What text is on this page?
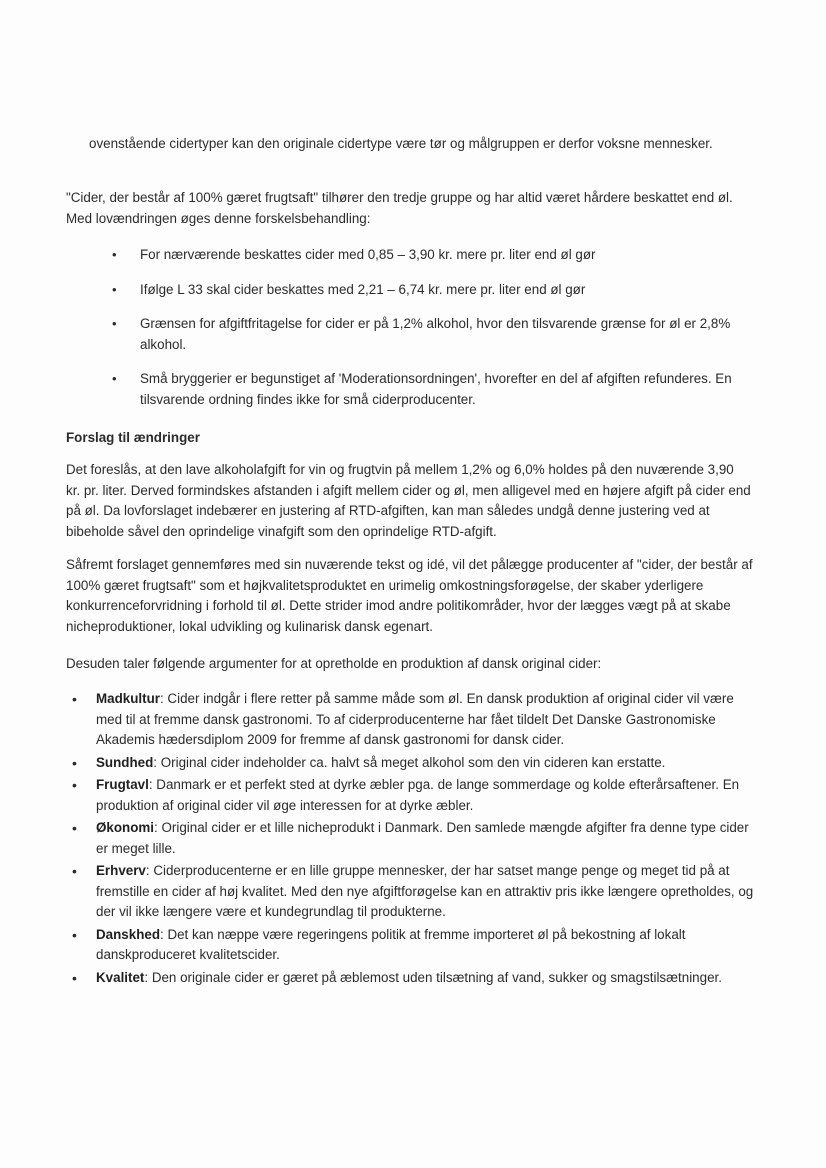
ovenstående cidertyper kan den originale cidertype være tør og målgruppen er derfor voksne mennesker.

"Cider, der består af 100% gæret frugtsaft" tilhører den tredje gruppe og har altid været hårdere beskattet end øl. Med lovændringen øges denne forskelsbehandling:

• For nærværende beskattes cider med 0,85 – 3,90 kr. mere pr. liter end øl gør
• Ifølge L 33 skal cider beskattes med 2,21 – 6,74 kr. mere pr. liter end øl gør
• Grænsen for afgiftfritagelse for cider er på 1,2% alkohol, hvor den tilsvarende grænse for øl er 2,8% alkohol.
• Små bryggerier er begunstiget af 'Moderationsordningen', hvorefter en del af afgiften refunderes. En tilsvarende ordning findes ikke for små ciderproducenter.

Forslag til ændringer

Det foreslås, at den lave alkoholafgift for vin og frugtvin på mellem 1,2% og 6,0% holdes på den nuværende 3,90 kr. pr. liter. Derved formindskes afstanden i afgift mellem cider og øl, men alligevel med en højere afgift på cider end på øl. Da lovforslaget indebærer en justering af RTD-afgiften, kan man således undgå denne justering ved at bibeholde såvel den oprindelige vinafgift som den oprindelige RTD-afgift.

Såfremt forslaget gennemføres med sin nuværende tekst og idé, vil det pålægge producenter af "cider, der består af 100% gæret frugtsaft" som et højkvalitetsproduktet en urimelig omkostningsforøgelse, der skaber yderligere konkurrenceforvridning i forhold til øl. Dette strider imod andre politikområder, hvor der lægges vægt på at skabe nicheproduktioner, lokal udvikling og kulinarisk dansk egenart.

Desuden taler følgende argumenter for at opretholde en produktion af dansk original cider:

• Madkultur: Cider indgår i flere retter på samme måde som øl. En dansk produktion af original cider vil være med til at fremme dansk gastronomi. To af ciderproducenterne har fået tildelt Det Danske Gastronomiske Akademis hædersdiplom 2009 for fremme af dansk gastronomi for dansk cider.
• Sundhed: Original cider indeholder ca. halvt så meget alkohol som den vin cideren kan erstatte.
• Frugtavl: Danmark er et perfekt sted at dyrke æbler pga. de lange sommerdage og kolde efterårsaftener. En produktion af original cider vil øge interessen for at dyrke æbler.
• Økonomi: Original cider er et lille nicheprodukt i Danmark. Den samlede mængde afgifter fra denne type cider er meget lille.
• Erhverv: Ciderproducenterne er en lille gruppe mennesker, der har satset mange penge og meget tid på at fremstille en cider af høj kvalitet. Med den nye afgiftforøgelse kan en attraktiv pris ikke længere opretholdes, og der vil ikke længere være et kundegrundlag til produkterne.
• Danskhed: Det kan næppe være regeringens politik at fremme importeret øl på bekostning af lokalt danskproduceret kvalitetscider.
• Kvalitet: Den originale cider er gæret på æblemost uden tilsætning af vand, sukker og smagstilsætninger.
